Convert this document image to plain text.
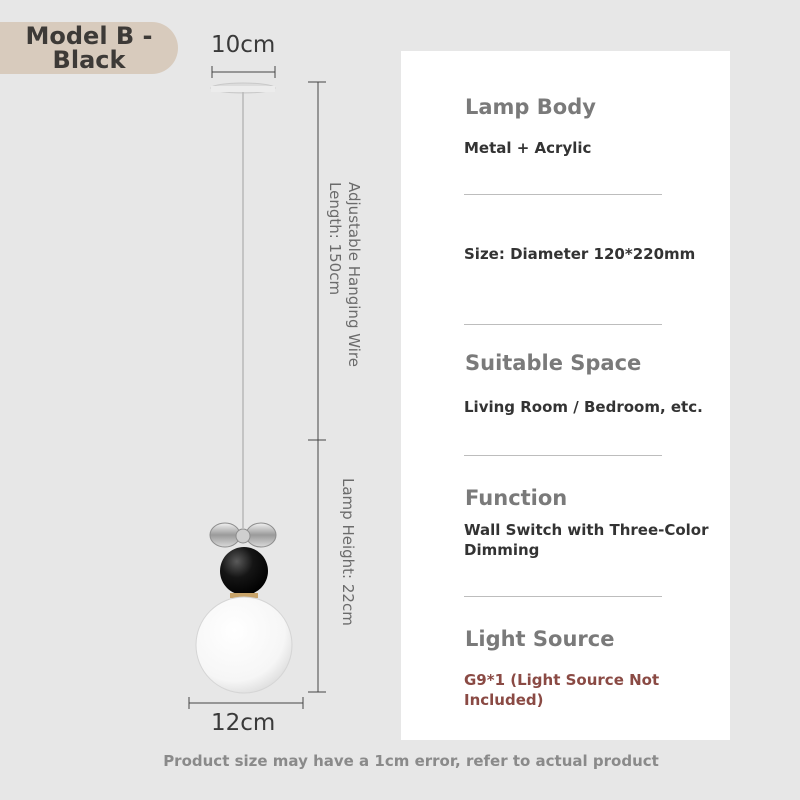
Model B -
Black
10cm
12cm
Adjustable Hanging Wire
Length: 150cm
Lamp Height: 22cm
Lamp Body
Metal + Acrylic
Size: Diameter 120*220mm
Suitable Space
Living Room / Bedroom, etc.
Function
Wall Switch with Three-Color Dimming
Light Source
G9*1 (Light Source Not Included)
Product size may have a 1cm error, refer to actual product
